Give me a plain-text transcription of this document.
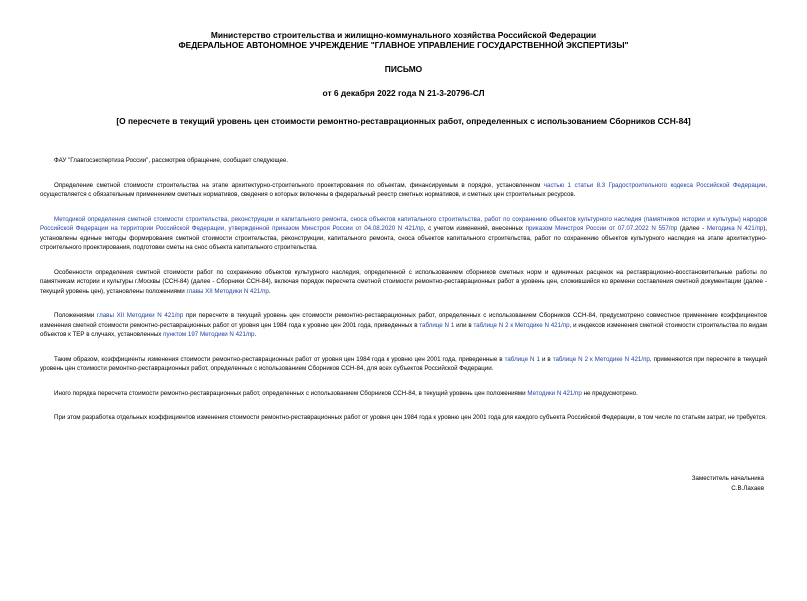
Министерство строительства и жилищно-коммунального хозяйства Российской Федерации
ФЕДЕРАЛЬНОЕ АВТОНОМНОЕ УЧРЕЖДЕНИЕ "ГЛАВНОЕ УПРАВЛЕНИЕ ГОСУДАРСТВЕННОЙ ЭКСПЕРТИЗЫ"
ПИСЬМО
от 6 декабря 2022 года N 21-3-20796-СЛ
[О пересчете в текущий уровень цен стоимости ремонтно-реставрационных работ, определенных с использованием Сборников ССН-84]

ФАУ "Главгосэкспертиза России", рассмотрев обращение, сообщает следующее.

Определение сметной стоимости строительства на этапе архитектурно-строительного проектирования по объектам, финансируемым в порядке, установленном частью 1 статьи 8.3 Градостроительного кодекса Российской Федерации, осуществляется с обязательным применением сметных нормативов, сведения о которых включены в федеральный реестр сметных нормативов, и сметных цен строительных ресурсов.

Методикой определения сметной стоимости строительства, реконструкции и капитального ремонта, сноса объектов капитального строительства, работ по сохранению объектов культурного наследия (памятников истории и культуры) народов Российской Федерации на территории Российской Федерации, утвержденной приказом Минстроя России от 04.08.2020 N 421/пр, с учетом изменений, внесенных приказом Минстроя России от 07.07.2022 N 557/пр (далее - Методика N 421/пр), установлены единые методы формирования сметной стоимости строительства, реконструкции, капитального ремонта, сноса объектов капитального строительства, работ по сохранению объектов культурного наследия на этапе архитектурно-строительного проектирования, подготовки сметы на снос объекта капитального строительства.

Особенности определения сметной стоимости работ по сохранению объектов культурного наследия, определенной с использованием сборников сметных норм и единичных расценок на реставрационно-восстановительные работы по памятникам истории и культуры г.Москвы (ССН-84) (далее - Сборники ССН-84), включая порядок пересчета сметной стоимости ремонтно-реставрационных работ в уровень цен, сложившийся ко времени составления сметной документации (далее - текущий уровень цен), установлены положениями главы XII Методики N 421/пр.

Положениями главы XII Методики N 421/пр при пересчете в текущий уровень цен стоимости ремонтно-реставрационных работ, определенных с использованием Сборников ССН-84, предусмотрено совместное применение коэффициентов изменения сметной стоимости ремонтно-реставрационных работ от уровня цен 1984 года к уровню цен 2001 года, приведенных в таблице N 1 или в таблице N 2 к Методике N 421/пр, и индексов изменения сметной стоимости строительства по видам объектов к ТЕР в случаях, установленных пунктом 197 Методики N 421/пр.

Таким образом, коэффициенты изменения стоимости ремонтно-реставрационных работ от уровня цен 1984 года к уровню цен 2001 года, приведенные в таблице N 1 и в таблице N 2 к Методике N 421/пр, применяются при пересчете в текущий уровень цен стоимости ремонтно-реставрационных работ, определенных с использованием Сборников ССН-84, для всех субъектов Российской Федерации.

Иного порядка пересчета стоимости ремонтно-реставрационных работ, определенных с использованием Сборников ССН-84, в текущий уровень цен положениями Методики N 421/пр не предусмотрено.

При этом разработка отдельных коэффициентов изменения стоимости ремонтно-реставрационных работ от уровня цен 1984 года к уровню цен 2001 года для каждого субъекта Российской Федерации, в том числе по статьям затрат, не требуется.

Заместитель начальника
С.В.Лахаев
